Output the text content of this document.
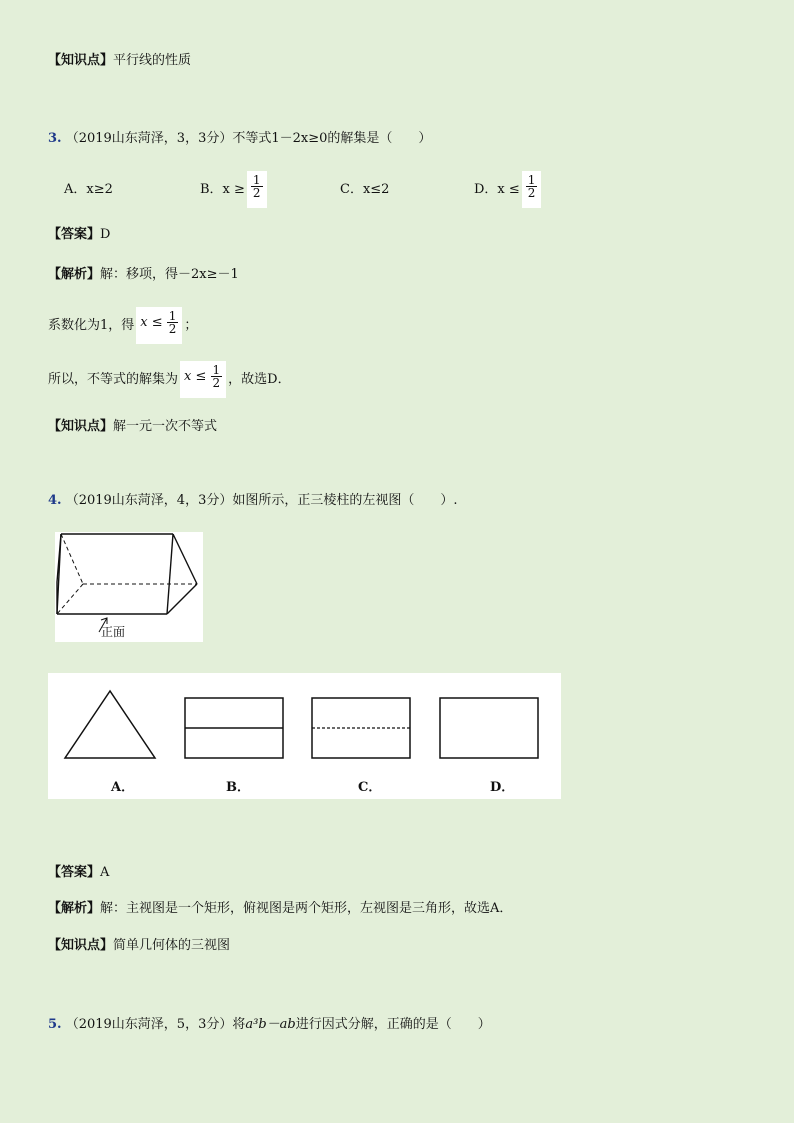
【知识点】平行线的性质
3. （2019山东菏泽，3，3分）不等式1－2x≥0的解集是（　　）
A．x≥2	B．$x \ge \frac{1}{2}$	C．x≤2	D．$x \le \frac{1}{2}$
【答案】D
【解析】解：移项，得－2x≥－1
系数化为1，得 $x \le \frac{1}{2}$ ；
所以，不等式的解集为 $x \le \frac{1}{2}$ ，故选D．
【知识点】解一元一次不等式
4. （2019山东菏泽，4，3分）如图所示，正三棱柱的左视图（　　）.
正面
A．	B．	C．	D．
【答案】A
【解析】解：主视图是一个矩形，俯视图是两个矩形，左视图是三角形，故选A．
【知识点】简单几何体的三视图
5. （2019山东菏泽，5，3分）将a³b－ab进行因式分解，正确的是（　　）
